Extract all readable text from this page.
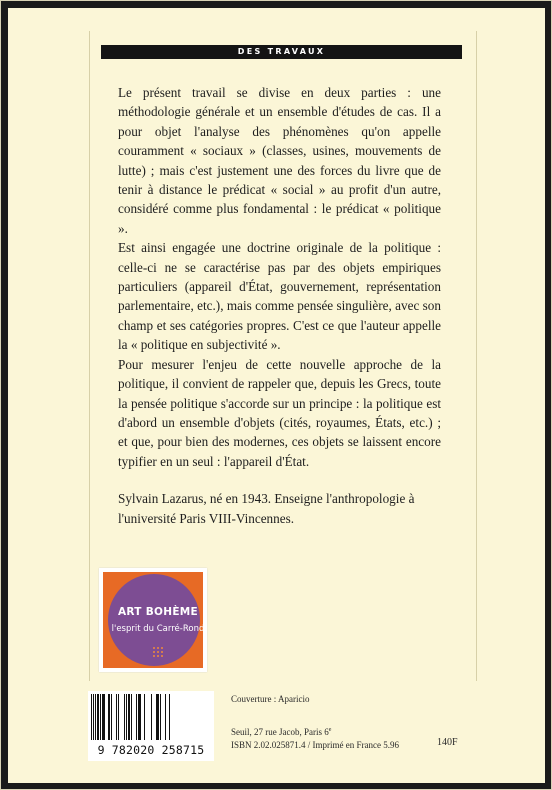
DES TRAVAUX

Le présent travail se divise en deux parties : une méthodologie générale et un ensemble d'études de cas. Il a pour objet l'analyse des phénomènes qu'on appelle couramment « sociaux » (classes, usines, mouvements de lutte) ; mais c'est justement une des forces du livre que de tenir à distance le prédicat « social » au profit d'un autre, considéré comme plus fondamental : le prédicat « politique ».

Est ainsi engagée une doctrine originale de la politique : celle-ci ne se caractérise pas par des objets empiriques particuliers (appareil d'État, gouvernement, représentation parlementaire, etc.), mais comme pensée singulière, avec son champ et ses catégories propres. C'est ce que l'auteur appelle la « politique en subjectivité ».

Pour mesurer l'enjeu de cette nouvelle approche de la politique, il convient de rappeler que, depuis les Grecs, toute la pensée politique s'accorde sur un principe : la politique est d'abord un ensemble d'objets (cités, royaumes, États, etc.) ; et que, pour bien des modernes, ces objets se laissent encore typifier en un seul : l'appareil d'État.

Sylvain Lazarus, né en 1943. Enseigne l'anthropologie à l'université Paris VIII-Vincennes.

ART BOHÈME
l'esprit du Carré-Rond
Couverture : Aparicio
9 782020 258715
Seuil, 27 rue Jacob, Paris 6e
ISBN 2.02.025871.4 / Imprimé en France 5.96	140F
